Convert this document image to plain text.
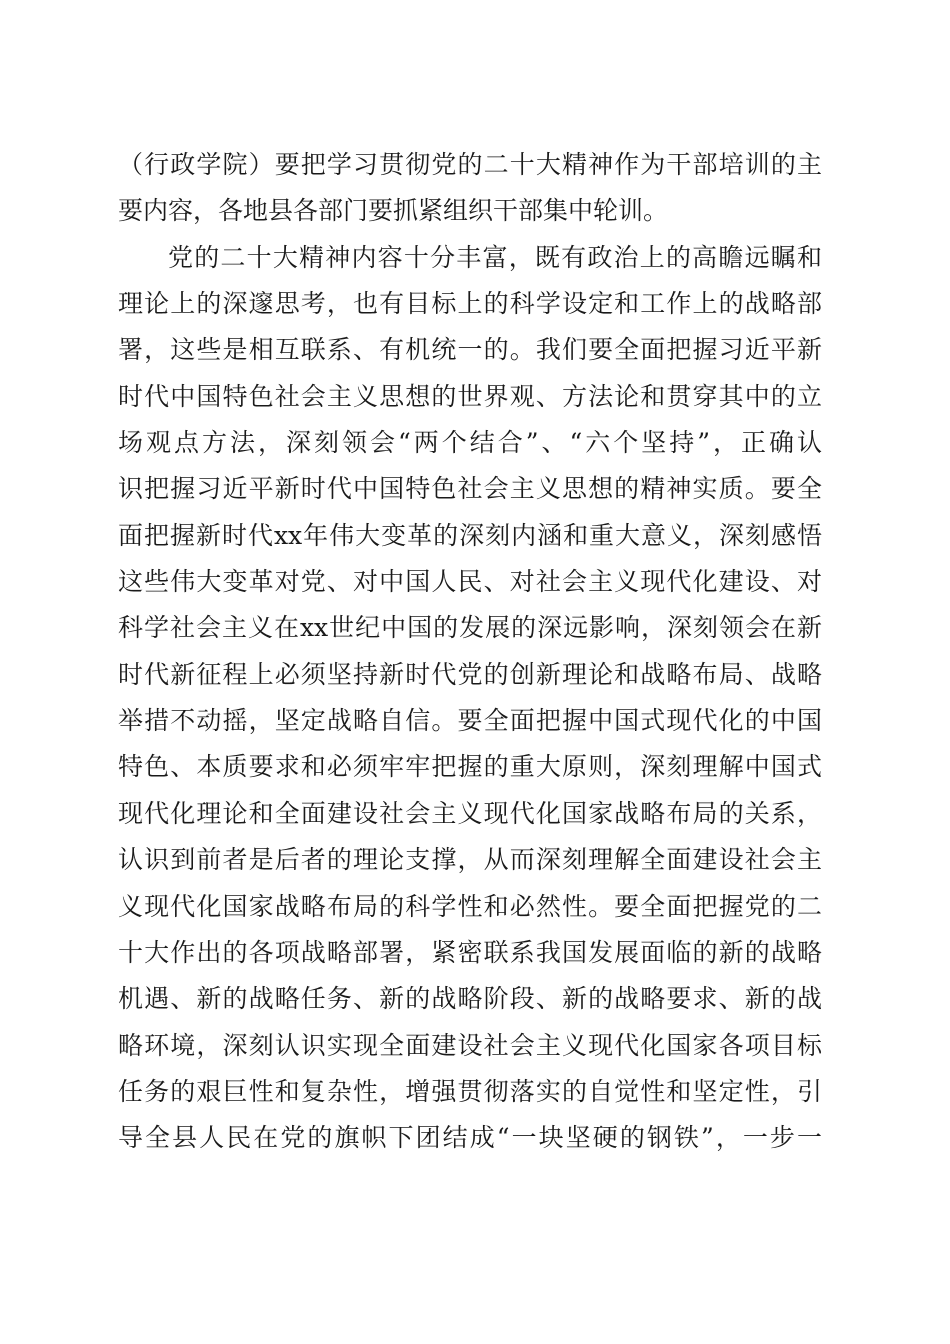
（行政学院）要把学习贯彻党的二十大精神作为干部培训的主
要内容，各地县各部门要抓紧组织干部集中轮训。
党的二十大精神内容十分丰富，既有政治上的高瞻远瞩和
理论上的深邃思考，也有目标上的科学设定和工作上的战略部
署，这些是相互联系、有机统一的。我们要全面把握习近平新
时代中国特色社会主义思想的世界观、方法论和贯穿其中的立
场观点方法，深刻领会“两个结合”、“六个坚持”，正确认
识把握习近平新时代中国特色社会主义思想的精神实质。要全
面把握新时代xx年伟大变革的深刻内涵和重大意义，深刻感悟
这些伟大变革对党、对中国人民、对社会主义现代化建设、对
科学社会主义在xx世纪中国的发展的深远影响，深刻领会在新
时代新征程上必须坚持新时代党的创新理论和战略布局、战略
举措不动摇，坚定战略自信。要全面把握中国式现代化的中国
特色、本质要求和必须牢牢把握的重大原则，深刻理解中国式
现代化理论和全面建设社会主义现代化国家战略布局的关系，
认识到前者是后者的理论支撑，从而深刻理解全面建设社会主
义现代化国家战略布局的科学性和必然性。要全面把握党的二
十大作出的各项战略部署，紧密联系我国发展面临的新的战略
机遇、新的战略任务、新的战略阶段、新的战略要求、新的战
略环境，深刻认识实现全面建设社会主义现代化国家各项目标
任务的艰巨性和复杂性，增强贯彻落实的自觉性和坚定性，引
导全县人民在党的旗帜下团结成“一块坚硬的钢铁”，一步一
